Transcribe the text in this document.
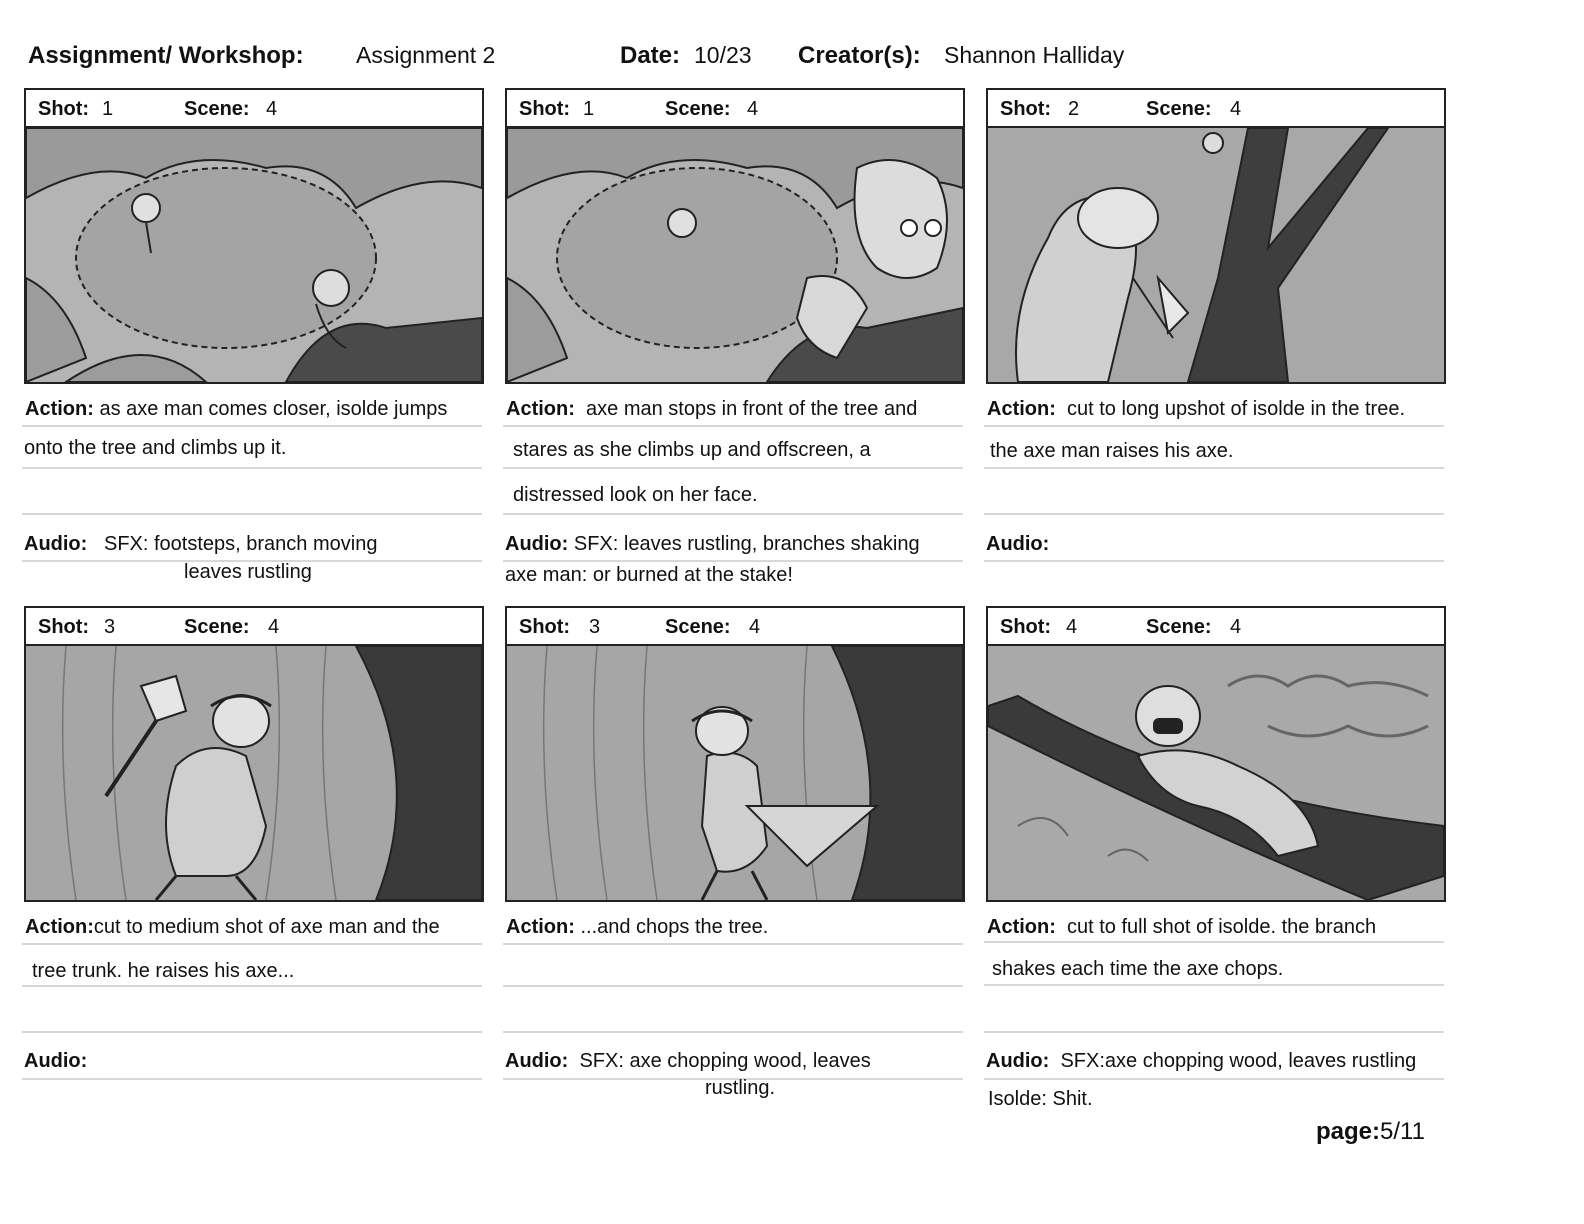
Assignment/ Workshop: Assignment 2	Date: 10/23 Creator(s): Shannon Halliday
Shot: 1	Scene: 4
Action: as axe man comes closer, isolde jumps
onto the tree and climbs up it.
Audio: SFX: footsteps, branch moving
leaves rustling
Shot: 1	Scene: 4
Action: axe man stops in front of the tree and
stares as she climbs up and offscreen, a
distressed look on her face.
Audio: SFX: leaves rustling, branches shaking
axe man: or burned at the stake!
Shot: 2	Scene: 4
Action: cut to long upshot of isolde in the tree.
the axe man raises his axe.
Audio:
Shot: 3	Scene: 4
Action:cut to medium shot of axe man and the
tree trunk. he raises his axe...
Audio:
Shot: 3	Scene: 4
Action: ...and chops the tree.
Audio: SFX: axe chopping wood, leaves
rustling.
Shot: 4	Scene: 4
Action: cut to full shot of isolde. the branch
shakes each time the axe chops.
Audio: SFX:axe chopping wood, leaves rustling
Isolde: Shit.
page:5/11
